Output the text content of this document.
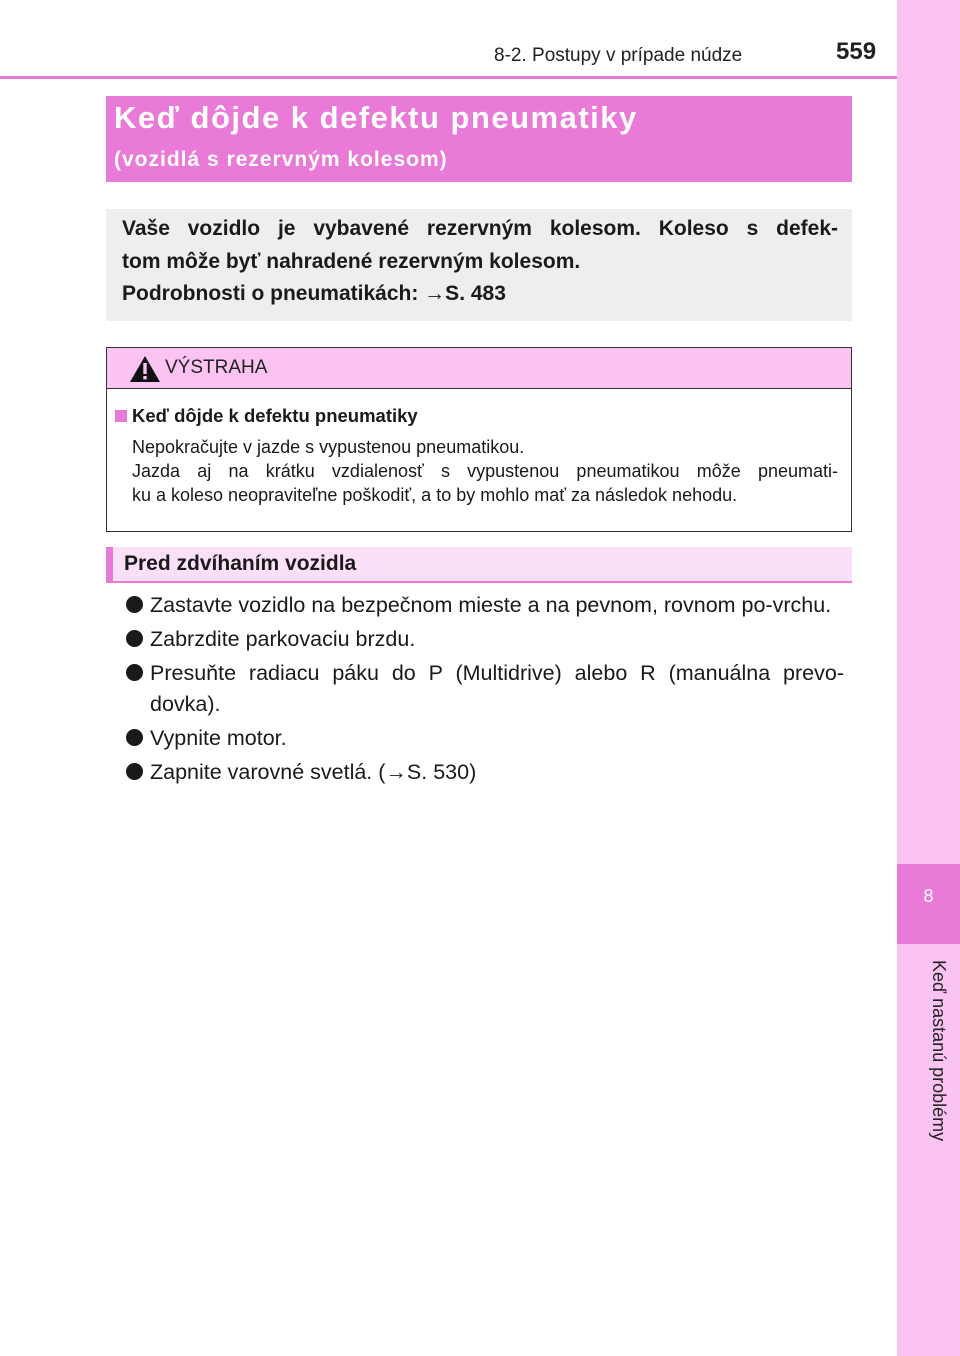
8-2. Postupy v prípade núdze	559
8
Keď nastanú problémy
Keď dôjde k defektu pneumatiky
(vozidlá s rezervným kolesom)
Vaše vozidlo je vybavené rezervným kolesom. Koleso s defek-
tom môže byť nahradené rezervným kolesom.
Podrobnosti o pneumatikách: →S. 483
VÝSTRAHA
Keď dôjde k defektu pneumatiky
Nepokračujte v jazde s vypustenou pneumatikou.
Jazda aj na krátku vzdialenosť s vypustenou pneumatikou môže pneumati-
ku a koleso neopraviteľne poškodiť, a to by mohlo mať za následok nehodu.
Pred zdvíhaním vozidla
Zastavte vozidlo na bezpečnom mieste a na pevnom, rovnom po-vrchu.
Zabrzdite parkovaciu brzdu.
Presuňte radiacu páku do P (Multidrive) alebo R (manuálna prevo-dovka).
Vypnite motor.
Zapnite varovné svetlá. (→S. 530)
